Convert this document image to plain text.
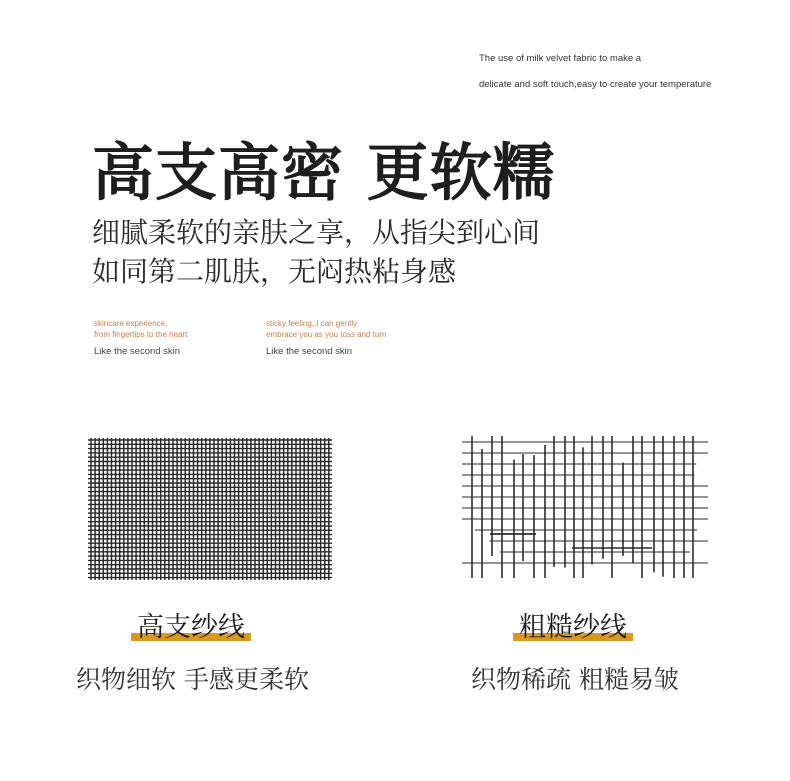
The use of milk velvet fabric to make a
delicate and soft touch,easy to create your temperature
高支高密 更软糯
细腻柔软的亲肤之享，从指尖到心间
如同第二肌肤，无闷热粘身感
skincare experience,
from fingertips to the heart
Like the second skin
sticky feeling,,I can gently
embrace you as you toss and turn
Like the second skin
高支纱线	粗糙纱线
织物细软 手感更柔软	织物稀疏 粗糙易皱
